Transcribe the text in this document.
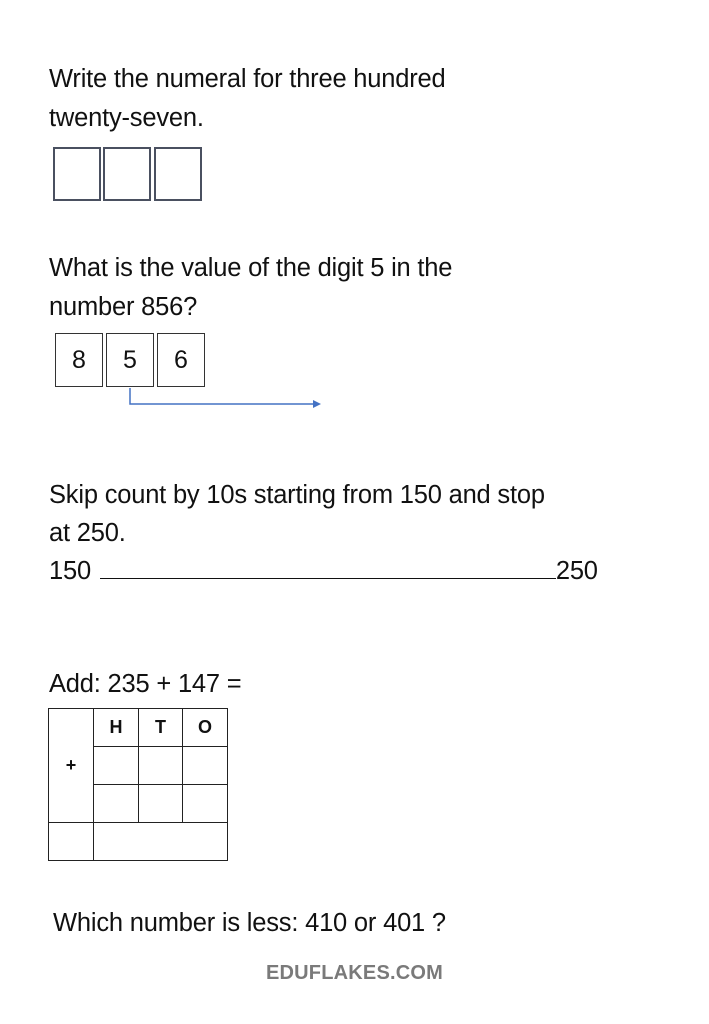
Write the numeral for three hundred
twenty-seven.
What is the value of the digit 5 in the
number 856?
8	5	6
Skip count by 10s starting from 150 and stop
at 250.
150	250
Add: 235 + 147 =
+	H	T	O

Which number is less: 410 or 401 ?
EDUFLAKES.COM
